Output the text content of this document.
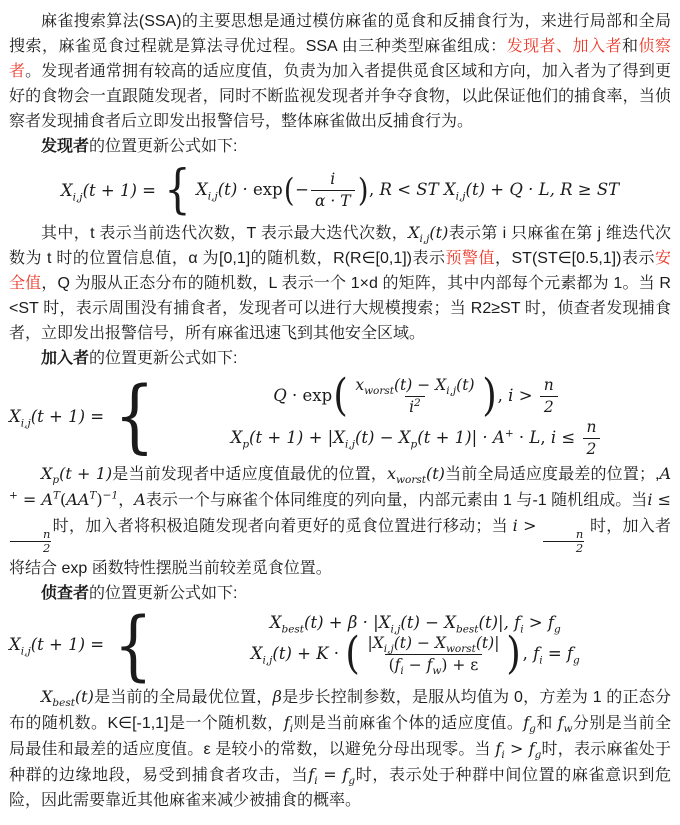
麻雀搜索算法(SSA)的主要思想是通过模仿麻雀的觅食和反捕食行为，来进行局部和全局搜索，麻雀觅食过程就是算法寻优过程。SSA 由三种类型麻雀组成：发现者、加入者和侦察者。发现者通常拥有较高的适应度值，负责为加入者提供觅食区域和方向，加入者为了得到更好的食物会一直跟随发现者，同时不断监视发现者并争夺食物，以此保证他们的捕食率，当侦察者发现捕食者后立即发出报警信号，整体麻雀做出反捕食行为。

发现者的位置更新公式如下:

$X_{i,j}(t + 1)$ = { $X_{i,j}(t) \cdot \exp(- \frac{i}{\alpha \cdot T}$ ), R < ST $X_{i,j}(t) + Q \cdot L$, R ≥ ST

其中，t 表示当前迭代次数，T 表示最大迭代次数，$X_{i,j}(t)$表示第 i 只麻雀在第 j 维迭代次数为 t 时的位置信息值，α 为[0,1]的随机数，R(R∈[0,1])表示预警值，ST(ST∈[0.5,1])表示安全值，Q 为服从正态分布的随机数，L 表示一个 1×d 的矩阵，其中内部每个元素都为 1。当 R<ST 时，表示周围没有捕食者，发现者可以进行大规模搜索；当 R2≥ST 时，侦查者发现捕食者，立即发出报警信号，所有麻雀迅速飞到其他安全区域。

加入者的位置更新公式如下:

$X_{i,j}(t + 1)$ = {	$Q \cdot \exp( \frac{x_{worst}(t) - X_{i,j}(t)}{i^2}$ ), $i > \frac{n}{2}$
$X_p(t + 1) + |X_{i,j}(t) - X_p(t + 1)| \cdot A^+ \cdot L$, $i \le \frac{n}{2}$

$X_p(t + 1)$是当前发现者中适应度值最优的位置，$x_{worst}(t)$当前全局适应度最差的位置；$,A^+ = A^T(AA^T)^{-1}$，A表示一个与麻雀个体同维度的列向量，内部元素由 1 与-1 随机组成。当i ≤
$\frac{n}{2}$
时，加入者将积极追随发现者向着更好的觅食位置进行移动；当 i >
$\frac{n}{2}$
时，加入者将结合 exp 函数特性摆脱当前较差觅食位置。

侦查者的位置更新公式如下:

$X_{i,j}(t + 1)$ = {	$X_{best}(t) + \beta \cdot |X_{i,j}(t) - X_{best}(t)|$, $f_i > f_g$ $X_{i,j}(t) + K$ · ( $\frac{|X_{i,j}(t) - X_{worst}(t)|}{(f_i - f_w) + \varepsilon}$ ), $f_i = f_g$

$X_{best}(t)$是当前的全局最优位置，β是步长控制参数，是服从均值为 0，方差为 1 的正态分布的随机数。K∈[-1,1]是一个随机数，$f_i$则是当前麻雀个体的适应度值。$f_g$和 $f_w$分别是当前全局最佳和最差的适应度值。ε 是较小的常数，以避免分母出现零。当 $f_i > f_g$时，表示麻雀处于种群的边缘地段，易受到捕食者攻击，当$f_i = f_g$时，表示处于种群中间位置的麻雀意识到危险，因此需要靠近其他麻雀来减少被捕食的概率。
